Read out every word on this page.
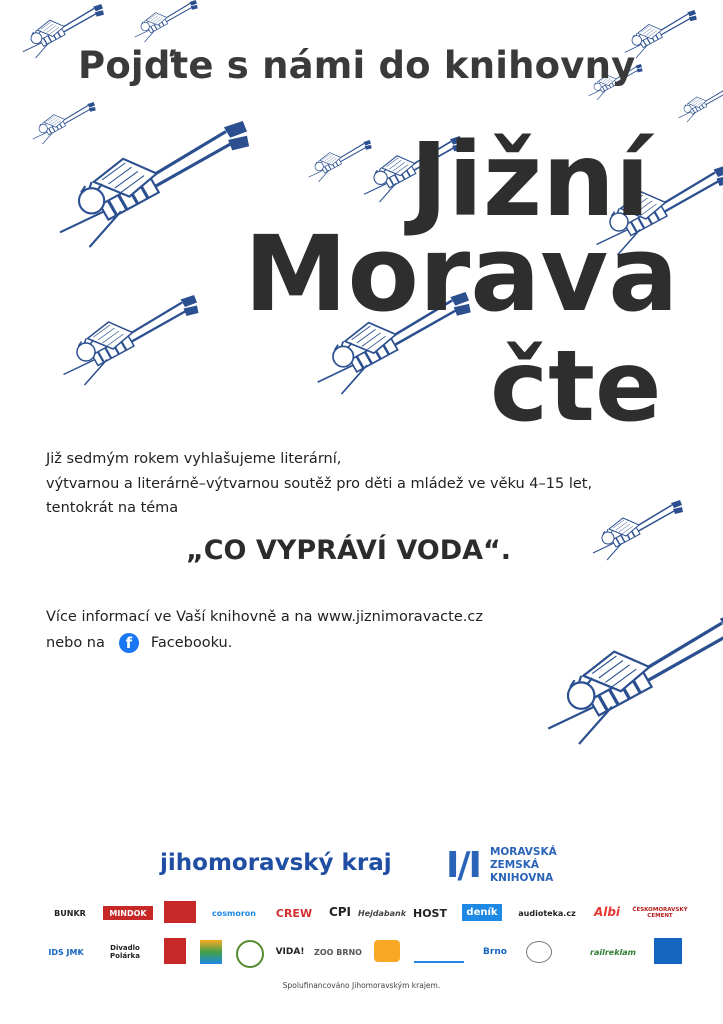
Pojďte s námi do knihovny
Jižní
Morava
čte
Již sedmým rokem vyhlašujeme literární,
výtvarnou a literárně–výtvarnou soutěž pro děti a mládež ve věku 4–15 let,
tentokrát na téma
„CO VYPRÁVÍ VODA“.
Více informací ve Vaší knihovně a na www.jiznimoravacte.cz
nebo na	f	Facebooku.
jihomoravský kraj I/I MORAVSKÁ
ZEMSKÁ
KNIHOVNA
BUNKR	MINDOK	cosmoron	CREW CPI Hejdabank HOST	deník	audioteka.cz	Albi	ČESKOMORAVSKÝ CEMENT
IDS JMK	Divadlo Polárka	VIDA!	ZOO BRNO	Brno	railreklam
Spolufinancováno Jihomoravským krajem.
